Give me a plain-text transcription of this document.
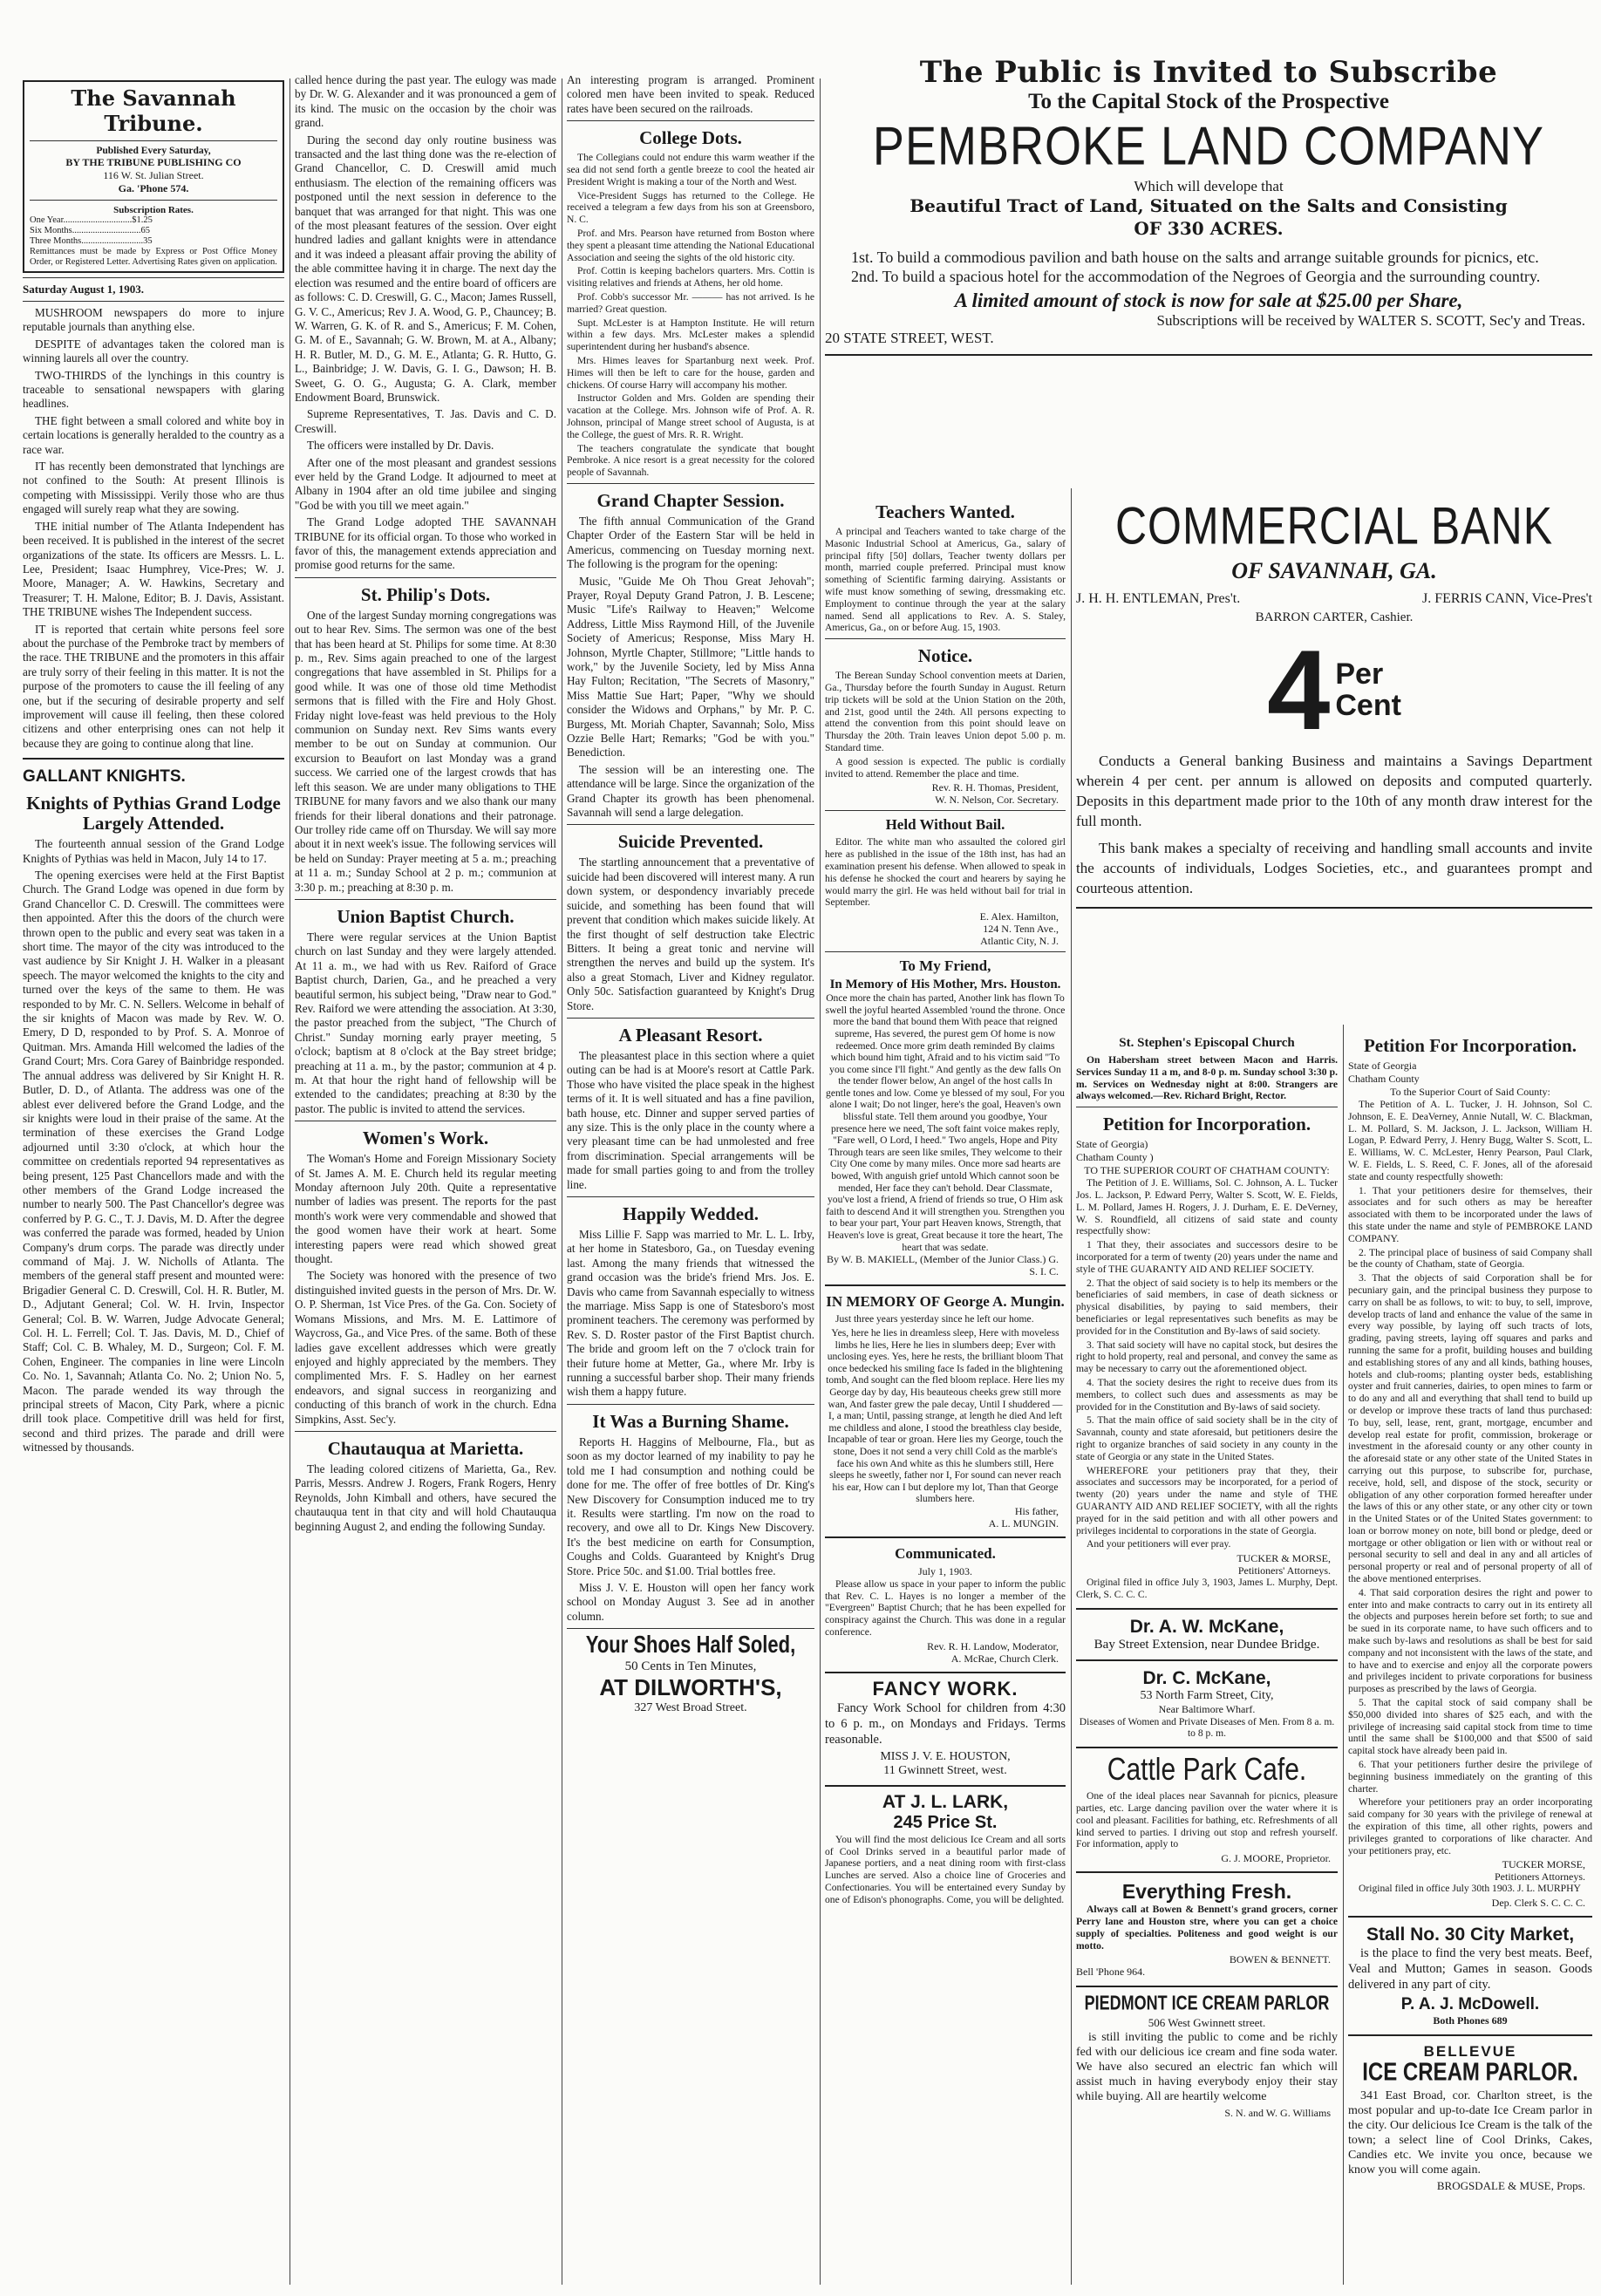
The Savannah Tribune.
Published Every Saturday,
BY THE TRIBUNE PUBLISHING CO
116 W. St. Julian Street.
Ga. 'Phone 574.
Subscription Rates.
One Year..............................$1.25
Six Months..............................65
Three Months...........................35
Remittances must be made by Express or Post Office Money Order, or Registered Letter. Advertising Rates given on application.
Saturday August 1, 1903.

MUSHROOM newspapers do more to injure reputable journals than anything else.

DESPITE of advantages taken the colored man is winning laurels all over the country.

TWO-THIRDS of the lynchings in this country is traceable to sensational newspapers with glaring headlines.

THE fight between a small colored and white boy in certain locations is generally heralded to the country as a race war.

IT has recently been demonstrated that lynchings are not confined to the South: At present Illinois is competing with Mississippi. Verily those who are thus engaged will surely reap what they are sowing.

THE initial number of The Atlanta Independent has been received. It is published in the interest of the secret organizations of the state. Its officers are Messrs. L. L. Lee, President; Isaac Humphrey, Vice-Pres; W. J. Moore, Manager; A. W. Hawkins, Secretary and Treasurer; T. H. Malone, Editor; B. J. Davis, Assistant. THE TRIBUNE wishes The Independent success.

IT is reported that certain white persons feel sore about the purchase of the Pembroke tract by members of the race. THE TRIBUNE and the promoters in this affair are truly sorry of their feeling in this matter. It is not the purpose of the promoters to cause the ill feeling of any one, but if the securing of desirable property and self improvement will cause ill feeling, then these colored citizens and other enterprising ones can not help it because they are going to continue along that line.

GALLANT KNIGHTS.
Knights of Pythias Grand Lodge Largely Attended.

The fourteenth annual session of the Grand Lodge Knights of Pythias was held in Macon, July 14 to 17.

The opening exercises were held at the First Baptist Church. The Grand Lodge was opened in due form by Grand Chancellor C. D. Creswill. The committees were then appointed. After this the doors of the church were thrown open to the public and every seat was taken in a short time. The mayor of the city was introduced to the vast audience by Sir Knight J. H. Walker in a pleasant speech. The mayor welcomed the knights to the city and turned over the keys of the same to them. He was responded to by Mr. C. N. Sellers. Welcome in behalf of the sir knights of Macon was made by Rev. W. O. Emery, D D, responded to by Prof. S. A. Monroe of Quitman. Mrs. Amanda Hill welcomed the ladies of the Grand Court; Mrs. Cora Garey of Bainbridge responded. The annual address was delivered by Sir Knight H. R. Butler, D. D., of Atlanta. The address was one of the ablest ever delivered before the Grand Lodge, and the sir knights were loud in their praise of the same. At the termination of these exercises the Grand Lodge adjourned until 3:30 o'clock, at which hour the committee on credentials reported 94 representatives as being present, 125 Past Chancellors made and with the other members of the Grand Lodge increased the number to nearly 500. The Past Chancellor's degree was conferred by P. G. C., T. J. Davis, M. D. After the degree was conferred the parade was formed, headed by Union Company's drum corps. The parade was directly under command of Maj. J. W. Nicholls of Atlanta. The members of the general staff present and mounted were: Brigadier General C. D. Creswill, Col. H. R. Butler, M. D., Adjutant General; Col. W. H. Irvin, Inspector General; Col. B. W. Warren, Judge Advocate General; Col. H. L. Ferrell; Col. T. Jas. Davis, M. D., Chief of Staff; Col. C. B. Whaley, M. D., Surgeon; Col. F. M. Cohen, Engineer. The companies in line were Lincoln Co. No. 1, Savannah; Atlanta Co. No. 2; Union No. 5, Macon. The parade wended its way through the principal streets of Macon, City Park, where a picnic drill took place. Competitive drill was held for first, second and third prizes. The parade and drill were witnessed by thousands.

called hence during the past year. The eulogy was made by Dr. W. G. Alexander and it was pronounced a gem of its kind. The music on the occasion by the choir was grand.

During the second day only routine business was transacted and the last thing done was the re-election of Grand Chancellor, C. D. Creswill amid much enthusiasm. The election of the remaining officers was postponed until the next session in deference to the banquet that was arranged for that night. This was one of the most pleasant features of the session. Over eight hundred ladies and gallant knights were in attendance and it was indeed a pleasant affair proving the ability of the able committee having it in charge. The next day the election was resumed and the entire board of officers are as follows: C. D. Creswill, G. C., Macon; James Russell, G. V. C., Americus; Rev J. A. Wood, G. P., Chauncey; B. W. Warren, G. K. of R. and S., Americus; F. M. Cohen, G. M. of E., Savannah; G. W. Brown, M. at A., Albany; H. R. Butler, M. D., G. M. E., Atlanta; G. R. Hutto, G. L., Bainbridge; J. W. Davis, G. I. G., Dawson; H. B. Sweet, G. O. G., Augusta; G. A. Clark, member Endowment Board, Brunswick.

Supreme Representatives, T. Jas. Davis and C. D. Creswill.

The officers were installed by Dr. Davis.

After one of the most pleasant and grandest sessions ever held by the Grand Lodge. It adjourned to meet at Albany in 1904 after an old time jubilee and singing "God be with you till we meet again."

The Grand Lodge adopted THE SAVANNAH TRIBUNE for its official organ. To those who worked in favor of this, the management extends appreciation and promise good returns for the same.

St. Philip's Dots.

One of the largest Sunday morning congregations was out to hear Rev. Sims. The sermon was one of the best that has been heard at St. Philips for some time. At 8:30 p. m., Rev. Sims again preached to one of the largest congregations that have assembled in St. Philips for a good while. It was one of those old time Methodist sermons that is filled with the Fire and Holy Ghost. Friday night love-feast was held previous to the Holy communion on Sunday next. Rev Sims wants every member to be out on Sunday at communion. Our excursion to Beaufort on last Monday was a grand success. We carried one of the largest crowds that has left this season. We are under many obligations to THE TRIBUNE for many favors and we also thank our many friends for their liberal donations and their patronage. Our trolley ride came off on Thursday. We will say more about it in next week's issue. The following services will be held on Sunday: Prayer meeting at 5 a. m.; preaching at 11 a. m.; Sunday School at 2 p. m.; communion at 3:30 p. m.; preaching at 8:30 p. m.

Union Baptist Church.

There were regular services at the Union Baptist church on last Sunday and they were largely attended. At 11 a. m., we had with us Rev. Raiford of Grace Baptist church, Darien, Ga., and he preached a very beautiful sermon, his subject being, "Draw near to God." Rev. Raiford we were attending the association. At 3:30, the pastor preached from the subject, "The Church of Christ." Sunday morning early prayer meeting, 5 o'clock; baptism at 8 o'clock at the Bay street bridge; preaching at 11 a. m., by the pastor; communion at 4 p. m. At that hour the right hand of fellowship will be extended to the candidates; preaching at 8:30 by the pastor. The public is invited to attend the services.

Women's Work.

The Woman's Home and Foreign Missionary Society of St. James A. M. E. Church held its regular meeting Monday afternoon July 20th. Quite a representative number of ladies was present. The reports for the past month's work were very commendable and showed that the good women have their work at heart. Some interesting papers were read which showed great thought.

The Society was honored with the presence of two distinguished invited guests in the person of Mrs. Dr. W. O. P. Sherman, 1st Vice Pres. of the Ga. Con. Society of Womans Missions, and Mrs. M. E. Lattimore of Waycross, Ga., and Vice Pres. of the same. Both of these ladies gave excellent addresses which were greatly enjoyed and highly appreciated by the members. They complimented Mrs. F. S. Hadley on her earnest endeavors, and signal success in reorganizing and conducting of this branch of work in the church. Edna Simpkins, Asst. Sec'y.

Chautauqua at Marietta.

The leading colored citizens of Marietta, Ga., Rev. Parris, Messrs. Andrew J. Rogers, Frank Rogers, Henry Reynolds, John Kimball and others, have secured the chautauqua tent in that city and will hold Chautauqua beginning August 2, and ending the following Sunday.

An interesting program is arranged. Prominent colored men have been invited to speak. Reduced rates have been secured on the railroads.

College Dots.

The Collegians could not endure this warm weather if the sea did not send forth a gentle breeze to cool the heated air President Wright is making a tour of the North and West.

Vice-President Suggs has returned to the College. He received a telegram a few days from his son at Greensboro, N. C.

Prof. and Mrs. Pearson have returned from Boston where they spent a pleasant time attending the National Educational Association and seeing the sights of the old historic city.

Prof. Cottin is keeping bachelors quarters. Mrs. Cottin is visiting relatives and friends at Athens, her old home.

Prof. Cobb's successor Mr. ——— has not arrived. Is he married? Great question.

Supt. McLester is at Hampton Institute. He will return within a few days. Mrs. McLester makes a splendid superintendent during her husband's absence.

Mrs. Himes leaves for Spartanburg next week. Prof. Himes will then be left to care for the house, garden and chickens. Of course Harry will accompany his mother.

Instructor Golden and Mrs. Golden are spending their vacation at the College. Mrs. Johnson wife of Prof. A. R. Johnson, principal of Mange street school of Augusta, is at the College, the guest of Mrs. R. R. Wright.

The teachers congratulate the syndicate that bought Pembroke. A nice resort is a great necessity for the colored people of Savannah.

Grand Chapter Session.

The fifth annual Communication of the Grand Chapter Order of the Eastern Star will be held in Americus, commencing on Tuesday morning next. The following is the program for the opening:

Music, "Guide Me Oh Thou Great Jehovah"; Prayer, Royal Deputy Grand Patron, J. B. Lescene; Music "Life's Railway to Heaven;" Welcome Address, Little Miss Raymond Hill, of the Juvenile Society of Americus; Response, Miss Mary H. Johnson, Myrtle Chapter, Stillmore; "Little hands to work," by the Juvenile Society, led by Miss Anna Hay Fulton; Recitation, "The Secrets of Masonry," Miss Mattie Sue Hart; Paper, "Why we should consider the Widows and Orphans," by Mr. P. C. Burgess, Mt. Moriah Chapter, Savannah; Solo, Miss Ozzie Belle Hart; Remarks; "God be with you." Benediction.

The session will be an interesting one. The attendance will be large. Since the organization of the Grand Chapter its growth has been phenomenal. Savannah will send a large delegation.

Suicide Prevented.

The startling announcement that a preventative of suicide had been discovered will interest many. A run down system, or despondency invariably precede suicide, and something has been found that will prevent that condition which makes suicide likely. At the first thought of self destruction take Electric Bitters. It being a great tonic and nervine will strengthen the nerves and build up the system. It's also a great Stomach, Liver and Kidney regulator. Only 50c. Satisfaction guaranteed by Knight's Drug Store.

A Pleasant Resort.

The pleasantest place in this section where a quiet outing can be had is at Moore's resort at Cattle Park. Those who have visited the place speak in the highest terms of it. It is well situated and has a fine pavilion, bath house, etc. Dinner and supper served parties of any size. This is the only place in the county where a very pleasant time can be had unmolested and free from discrimination. Special arrangements will be made for small parties going to and from the trolley line.

Happily Wedded.

Miss Lillie F. Sapp was married to Mr. L. L. Irby, at her home in Statesboro, Ga., on Tuesday evening last. Among the many friends that witnessed the grand occasion was the bride's friend Mrs. Jos. E. Davis who came from Savannah especially to witness the marriage. Miss Sapp is one of Statesboro's most prominent teachers. The ceremony was performed by Rev. S. D. Roster pastor of the First Baptist church. The bride and groom left on the 7 o'clock train for their future home at Metter, Ga., where Mr. Irby is running a successful barber shop. Their many friends wish them a happy future.

It Was a Burning Shame.

Reports H. Haggins of Melbourne, Fla., but as soon as my doctor learned of my inability to pay he told me I had consumption and nothing could be done for me. The offer of free bottles of Dr. King's New Discovery for Consumption induced me to try it. Results were startling. I'm now on the road to recovery, and owe all to Dr. Kings New Discovery. It's the best medicine on earth for Consumption, Coughs and Colds. Guaranteed by Knight's Drug Store. Price 50c. and $1.00. Trial bottles free.

Miss J. V. E. Houston will open her fancy work school on Monday August 3. See ad in another column.

Your Shoes Half Soled,
50 Cents in Ten Minutes,
AT DILWORTH'S,
327 West Broad Street.
The Public is Invited to Subscribe
To the Capital Stock of the Prospective
PEMBROKE LAND COMPANY
Which will develope that
Beautiful Tract of Land, Situated on the Salts and Consisting
OF 330 ACRES.

1st. To build a commodious pavilion and bath house on the salts and arrange suitable grounds for picnics, etc.

2nd. To build a spacious hotel for the accommodation of the Negroes of Georgia and the surrounding country.

A limited amount of stock is now for sale at $25.00 per Share,
Subscriptions will be received by WALTER S. SCOTT, Sec'y and Treas.
20 STATE STREET, WEST.
Teachers Wanted.

A principal and Teachers wanted to take charge of the Masonic Industrial School at Americus, Ga., salary of principal fifty [50] dollars, Teacher twenty dollars per month, married couple preferred. Principal must know something of Scientific farming dairying. Assistants or wife must know something of sewing, dressmaking etc. Employment to continue through the year at the salary named. Send all applications to Rev. A. S. Staley, Americus, Ga., on or before Aug. 15, 1903.

Notice.

The Berean Sunday School convention meets at Darien, Ga., Thursday before the fourth Sunday in August. Return trip tickets will be sold at the Union Station on the 20th, and 21st, good until the 24th. All persons expecting to attend the convention from this point should leave on Thursday the 20th. Train leaves Union depot 5.00 p. m. Standard time.

A good session is expected. The public is cordially invited to attend. Remember the place and time.

Rev. R. H. Thomas, President,
W. N. Nelson, Cor. Secretary.
Held Without Bail.

Editor. The white man who assaulted the colored girl here as published in the issue of the 18th inst, has had an examination present his defense. When allowed to speak in his defense he shocked the court and hearers by saying he would marry the girl. He was held without bail for trial in September.

E. Alex. Hamilton,
124 N. Tenn Ave.,
Atlantic City, N. J.
To My Friend,
In Memory of His Mother, Mrs. Houston.

Once more the chain has parted, Another link has flown To swell the joyful hearted Assembled 'round the throne. Once more the band that bound them With peace that reigned supreme, Has severed, the purest gem Of home is now redeemed. Once more grim death reminded By claims which bound him tight, Afraid and to his victim said "To you come since I'll fight." And gently as the dew falls On the tender flower below, An angel of the host calls In gentle tones and low. Come ye blessed of my soul, For you alone I wait; Do not linger, here's the goal, Heaven's own blissful state. Tell them around you goodbye, Your presence here we need, The soft faint voice makes reply, "Fare well, O Lord, I heed." Two angels, Hope and Pity Through tears are seen like smiles, They welcome to their City One come by many miles. Once more sad hearts are bowed, With anguish grief untold Which cannot soon be mended, Her face they can't behold. Dear Classmate, you've lost a friend, A friend of friends so true, O Him ask faith to descend And it will strengthen you. Strengthen you to bear your part, Your part Heaven knows, Strength, that Heaven's love is great, Great because it tore the heart, The heart that was sedate.

By W. B. MAKIELL, (Member of the Junior Class.) G. S. I. C.
IN MEMORY OF George A. Mungin.

Just three years yesterday since he left our home.

Yes, here he lies in dreamless sleep, Here with moveless limbs he lies, Here he lies in slumbers deep; Ever with unclosing eyes. Yes, here he rests, the brilliant bloom That once bedecked his smiling face Is faded in the blightening tomb, And sought can the fled bloom replace. Here lies my George day by day, His beauteous cheeks grew still more wan, And faster grew the pale decay, Until I shuddered — I, a man; Until, passing strange, at length he died And left me childless and alone, I stood the breathless clay beside, Incapable of tear or groan. Here lies my George, touch the stone, Does it not send a very chill Cold as the marble's face his own And white as this he slumbers still, Here sleeps he sweetly, father nor I, For sound can never reach his ear, How can I but deplore my lot, Than that George slumbers here.

His father,
A. L. MUNGIN.
Communicated.
July 1, 1903.

Please allow us space in your paper to inform the public that Rev. C. L. Hayes is no longer a member of the "Evergreen" Baptist Church; that he has been expelled for conspiracy against the Church. This was done in a regular conference.

Rev. R. H. Landow, Moderator,
A. McRae, Church Clerk.
FANCY WORK.

Fancy Work School for children from 4:30 to 6 p. m., on Mondays and Fridays. Terms reasonable.

MISS J. V. E. HOUSTON,
11 Gwinnett Street, west.
AT J. L. LARK,
245 Price St.

You will find the most delicious Ice Cream and all sorts of Cool Drinks served in a beautiful parlor made of Japanese portiers, and a neat dining room with first-class Lunches are served. Also a choice line of Groceries and Confectionaries. You will be entertained every Sunday by one of Edison's phonographs. Come, you will be delighted.

COMMERCIAL BANK
OF SAVANNAH, GA.
J. H. H. ENTLEMAN, Pres't.	J. FERRIS CANN, Vice-Pres't
BARRON CARTER, Cashier.
4 Per
Cent

Conducts a General banking Business and maintains a Savings Department wherein 4 per cent. per annum is allowed on deposits and computed quarterly. Deposits in this department made prior to the 10th of any month draw interest for the full month.

This bank makes a specialty of receiving and handling small accounts and invite the accounts of individuals, Lodges Societies, etc., and guarantees prompt and courteous attention.

St. Stephen's Episcopal Church

On Habersham street between Macon and Harris. Services Sunday 11 a m, and 8-0 p. m. Sunday school 3:30 p. m. Services on Wednesday night at 8:00. Strangers are always welcomed.—Rev. Richard Bright, Rector.

Petition for Incorporation.
State of Georgia)
Chatham County )
TO THE SUPERIOR COURT OF CHATHAM COUNTY:

The Petition of J. E. Williams, Sol. C. Johnson, A. L. Tucker Jos. L. Jackson, P. Edward Perry, Walter S. Scott, W. E. Fields, L. M. Pollard, James H. Rogers, J. J. Durham, E. E. DeVerney, W. S. Roundfield, all citizens of said state and county respectfully show:

1 That they, their associates and successors desire to be incorporated for a term of twenty (20) years under the name and style of THE GUARANTY AID AND RELIEF SOCIETY.

2. That the object of said society is to help its members or the beneficiaries of said members, in case of death sickness or physical disabilities, by paying to said members, their beneficiaries or legal representatives such benefits as may be provided for in the Constitution and By-laws of said society.

3. That said society will have no capital stock, but desires the right to hold property, real and personal, and convey the same as may be necessary to carry out the aforementioned object.

4. That the society desires the right to receive dues from its members, to collect such dues and assessments as may be provided for in the Constitution and By-laws of said society.

5. That the main office of said society shall be in the city of Savannah, county and state aforesaid, but petitioners desire the right to organize branches of said society in any county in the state of Georgia or any state in the United States.

WHEREFORE your petitioners pray that they, their associates and successors may be incorporated, for a period of twenty (20) years under the name and style of THE GUARANTY AID AND RELIEF SOCIETY, with all the rights prayed for in the said petition and with all other powers and privileges incidental to corporations in the state of Georgia.

And your petitioners will ever pray.

TUCKER & MORSE,
Petitioners' Attorneys.

Original filed in office July 3, 1903, James L. Murphy, Dept. Clerk, S. C. C. C.

Dr. A. W. McKane,
Bay Street Extension, near Dundee Bridge.
Dr. C. McKane,
53 North Farm Street, City,
Near Baltimore Wharf.

Diseases of Women and Private Diseases of Men. From 8 a. m. to 8 p. m.

Cattle Park Cafe.

One of the ideal places near Savannah for picnics, pleasure parties, etc. Large dancing pavilion over the water where it is cool and pleasant. Facilities for bathing, etc. Refreshments of all kind served to parties. I driving out stop and refresh yourself. For information, apply to

G. J. MOORE, Proprietor.
Everything Fresh.

Always call at Bowen & Bennett's grand grocers, corner Perry lane and Houston stre, where you can get a choice supply of specialties. Politeness and good weight is our motto.

BOWEN & BENNETT.
Bell 'Phone 964.
PIEDMONT ICE CREAM PARLOR
506 West Gwinnett street.

is still inviting the public to come and be richly fed with our delicious ice cream and fine soda water. We have also secured an electric fan which will assist much in having everybody enjoy their stay while buying. All are heartily welcome

S. N. and W. G. Williams
Petition For Incorporation.
State of Georgia
Chatham County
To the Superior Court of Said County:

The Petition of A. L. Tucker, J. H. Johnson, Sol C. Johnson, E. E. DeaVerney, Annie Nutall, W. C. Blackman, L. M. Pollard, S. M. Jackson, J. L. Jackson, William H. Logan, P. Edward Perry, J. Henry Bugg, Walter S. Scott, L. E. Williams, W. C. McLester, Henry Pearson, Paul Clark, W. E. Fields, L. S. Reed, C. F. Jones, all of the aforesaid state and county respectfully showeth:

1. That your petitioners desire for themselves, their associates and for such others as may be hereafter associated with them to be incorporated under the laws of this state under the name and style of PEMBROKE LAND COMPANY.

2. The principal place of business of said Company shall be the county of Chatham, state of Georgia.

3. That the objects of said Corporation shall be for pecuniary gain, and the principal business they purpose to carry on shall be as follows, to wit: to buy, to sell, improve, develop tracts of land and enhance the value of the same in every way possible, by laying off such tracts of lots, grading, paving streets, laying off squares and parks and running the same for a profit, building houses and building and establishing stores of any and all kinds, bathing houses, hotels and club-rooms; planting oyster beds, establishing oyster and fruit canneries, dairies, to open mines to farm or to do any and all and everything that shall tend to build up or develop or improve these tracts of land thus purchased: To buy, sell, lease, rent, grant, mortgage, encumber and develop real estate for profit, commission, brokerage or investment in the aforesaid county or any other county in the aforesaid state or any other state of the United States in carrying out this purpose, to subscribe for, purchase, receive, hold, sell, and dispose of the stock, security or obligation of any other corporation formed hereafter under the laws of this or any other state, or any other city or town in the United States or of the United States government: to loan or borrow money on note, bill bond or pledge, deed or mortgage or other obligation or lien with or without real or personal security to sell and deal in any and all articles of personal property or real and of personal property of all of the above mentioned enterprises.

4. That said corporation desires the right and power to enter into and make contracts to carry out in its entirety all the objects and purposes herein before set forth; to sue and be sued in its corporate name, to have such officers and to make such by-laws and resolutions as shall be best for said company and not inconsistent with the laws of the state, and to have and to exercise and enjoy all the corporate powers and privileges incident to private corporations for business purposes as prescribed by the laws of Georgia.

5. That the capital stock of said company shall be $50,000 divided into shares of $25 each, and with the privilege of increasing said capital stock from time to time until the same shall be $100,000 and that $500 of said capital stock have already been paid in.

6. That your petitioners further desire the privilege of beginning business immediately on the granting of this charter.

Wherefore your petitioners pray an order incorporating said company for 30 years with the privilege of renewal at the expiration of this time, all other rights, powers and privileges granted to corporations of like character. And your petitioners pray, etc.

TUCKER MORSE,
Petitioners Attorneys.

Original filed in office July 30th 1903. J. L. MURPHY

Dep. Clerk S. C. C. C.
Stall No. 30 City Market,

is the place to find the very best meats. Beef, Veal and Mutton; Games in season. Goods delivered in any part of city.

P. A. J. McDowell.
Both Phones 689
BELLEVUE
ICE CREAM PARLOR.

341 East Broad, cor. Charlton street, is the most popular and up-to-date Ice Cream parlor in the city. Our delicious Ice Cream is the talk of the town; a select line of Cool Drinks, Cakes, Candies etc. We invite you once, because we know you will come again.

BROGSDALE & MUSE, Props.
